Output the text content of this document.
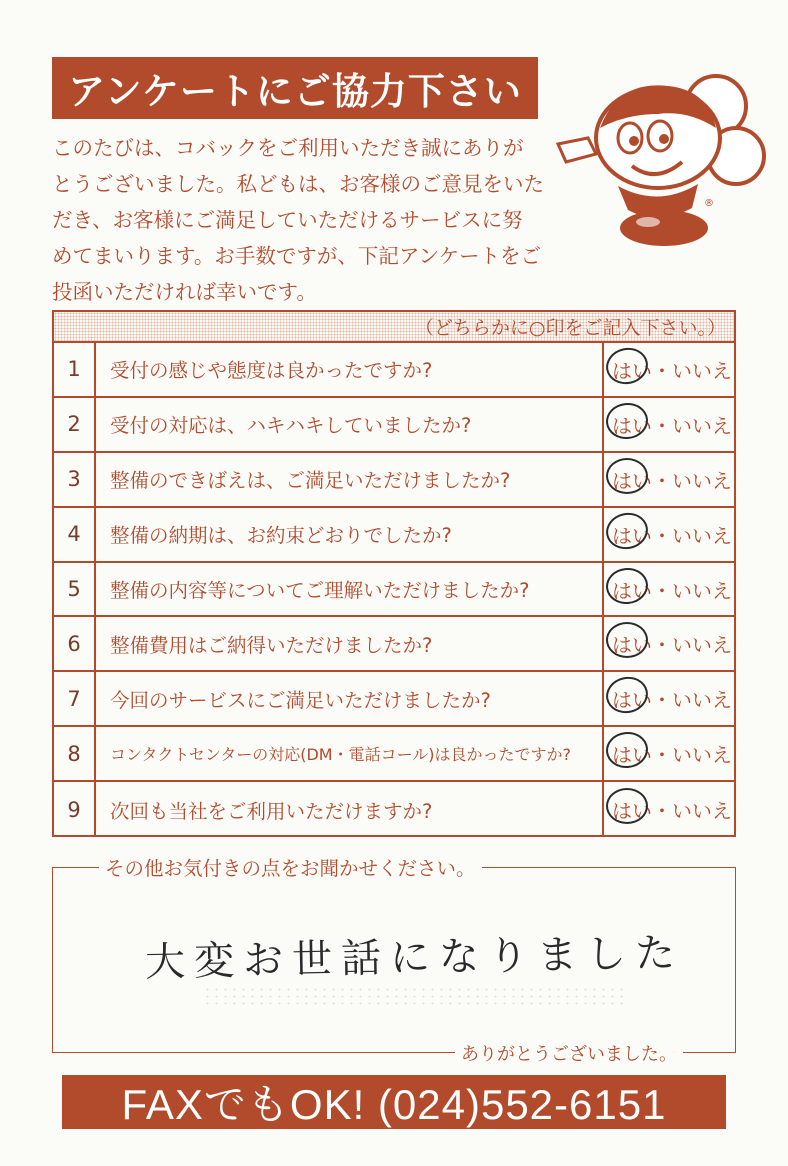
アンケートにご協力下さい
このたびは、コバックをご利用いただき誠にありが
とうございました。私どもは、お客様のご意見をいた
だき、お客様にご満足していただけるサービスに努
めてまいります。お手数ですが、下記アンケートをご
投函いただければ幸いです。
®
（どちらかに○印をご記入下さい。）
1	受付の感じや態度は良かったですか?	はい ・ いいえ
2	受付の対応は、ハキハキしていましたか?	はい ・ いいえ
3	整備のできばえは、ご満足いただけましたか?	はい ・ いいえ
4	整備の納期は、お約束どおりでしたか?	はい ・ いいえ
5	整備の内容等についてご理解いただけましたか?	はい ・ いいえ
6	整備費用はご納得いただけましたか?	はい ・ いいえ
7	今回のサービスにご満足いただけましたか?	はい ・ いいえ
8	コンタクトセンターの対応(DM・電話コール)は良かったですか?	はい ・ いいえ
9	次回も当社をご利用いただけますか?	はい ・ いいえ
その他お気付きの点をお聞かせください。
大変お世話になりました
ありがとうございました。
FAXでもOK! (024)552-6151
